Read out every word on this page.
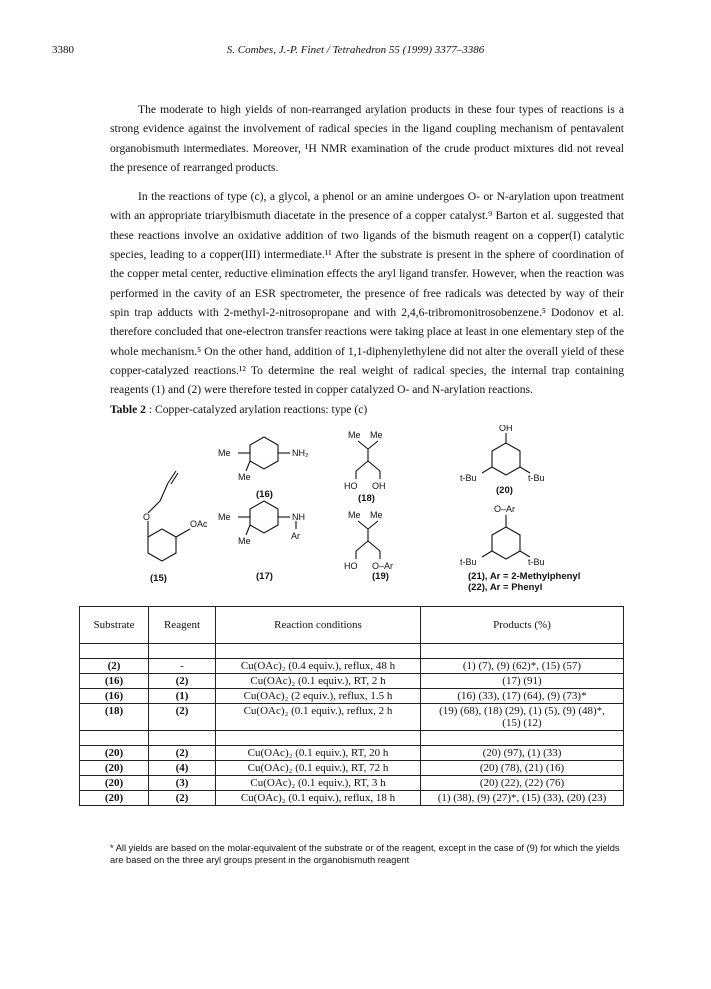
3380	S. Combes, J.-P. Finet / Tetrahedron 55 (1999) 3377–3386

The moderate to high yields of non-rearranged arylation products in these four types of reactions is a strong evidence against the involvement of radical species in the ligand coupling mechanism of pentavalent organobismuth intermediates. Moreover, ¹H NMR examination of the crude product mixtures did not reveal the presence of rearranged products.

In the reactions of type (c), a glycol, a phenol or an amine undergoes O- or N-arylation upon treatment with an appropriate triarylbismuth diacetate in the presence of a copper catalyst.⁹ Barton et al. suggested that these reactions involve an oxidative addition of two ligands of the bismuth reagent on a copper(I) catalytic species, leading to a copper(III) intermediate.¹¹ After the substrate is present in the sphere of coordination of the copper metal center, reductive elimination effects the aryl ligand transfer. However, when the reaction was performed in the cavity of an ESR spectrometer, the presence of free radicals was detected by way of their spin trap adducts with 2-methyl-2-nitrosopropane and with 2,4,6-tribromonitrosobenzene.⁵ Dodonov et al. therefore concluded that one-electron transfer reactions were taking place at least in one elementary step of the whole mechanism.⁵ On the other hand, addition of 1,1-diphenylethylene did not alter the overall yield of these copper-catalyzed reactions.¹² To determine the real weight of radical species, the internal trap containing reagents (1) and (2) were therefore tested in copper catalyzed O- and N-arylation reactions.

Table 2 : Copper-catalyzed arylation reactions: type (c)
OAc
O
(15)
Me
Me
NH₂
(16)
Me
Me
NH
Ar
(17)
Me Me
HO OH
(18)
Me Me
HO O–Ar
(19)
OH
t-Bu	t-Bu
(20)
O–Ar
t-Bu	t-Bu
(21), Ar = 2-Methylphenyl
(22), Ar = Phenyl
Substrate	Reagent	Reaction conditions	Products (%)

(2)	-	Cu(OAc)₂ (0.4 equiv.), reflux, 48 h	(1) (7), (9) (62)*, (15) (57)
(16)	(2)	Cu(OAc)₂ (0.1 equiv.), RT, 2 h	(17) (91)
(16)	(1)	Cu(OAc)₂ (2 equiv.), reflux, 1.5 h	(16) (33), (17) (64), (9) (73)*
(18)	(2)	Cu(OAc)₂ (0.1 equiv.), reflux, 2 h	(19) (68), (18) (29), (1) (5), (9) (48)*,
(15) (12)

(20)	(2)	Cu(OAc)₂ (0.1 equiv.), RT, 20 h	(20) (97), (1) (33)
(20)	(4)	Cu(OAc)₂ (0.1 equiv.), RT, 72 h	(20) (78), (21) (16)
(20)	(3)	Cu(OAc)₂ (0.1 equiv.), RT, 3 h	(20) (22), (22) (76)
(20)	(2)	Cu(OAc)₂ (0.1 equiv.), reflux, 18 h	(1) (38), (9) (27)*, (15) (33), (20) (23)
* All yields are based on the molar-equivalent of the substrate or of the reagent, except in the case of (9) for which the yields are based on the three aryl groups present in the organobismuth reagent
